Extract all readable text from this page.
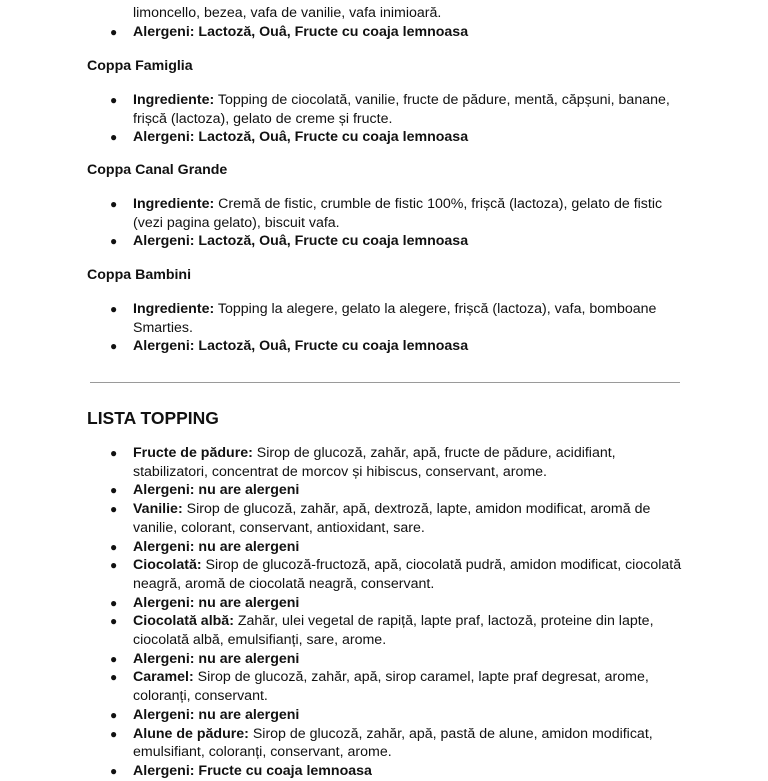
limoncello, bezea, vafa de vanilie, vafa inimioară.
● Alergeni: Lactoză, Ouâ, Fructe cu coaja lemnoasa
Coppa Famiglia
● Ingrediente: Topping de ciocolată, vanilie, fructe de pădure, mentă, căpșuni, banane, frișcă (lactoza), gelato de creme și fructe.
● Alergeni: Lactoză, Ouâ, Fructe cu coaja lemnoasa
Coppa Canal Grande
● Ingrediente: Cremă de fistic, crumble de fistic 100%, frișcă (lactoza), gelato de fistic (vezi pagina gelato), biscuit vafa.
● Alergeni: Lactoză, Ouâ, Fructe cu coaja lemnoasa
Coppa Bambini
● Ingrediente: Topping la alegere, gelato la alegere, frișcă (lactoza), vafa, bomboane Smarties.
● Alergeni: Lactoză, Ouâ, Fructe cu coaja lemnoasa
LISTA TOPPING
● Fructe de pădure: Sirop de glucoză, zahăr, apă, fructe de pădure, acidifiant, stabilizatori, concentrat de morcov și hibiscus, conservant, arome.
● Alergeni: nu are alergeni
● Vanilie: Sirop de glucoză, zahăr, apă, dextroză, lapte, amidon modificat, aromă de vanilie, colorant, conservant, antioxidant, sare.
● Alergeni: nu are alergeni
● Ciocolată: Sirop de glucoză-fructoză, apă, ciocolată pudră, amidon modificat, ciocolată neagră, aromă de ciocolată neagră, conservant.
● Alergeni: nu are alergeni
● Ciocolată albă: Zahăr, ulei vegetal de rapiță, lapte praf, lactoză, proteine din lapte, ciocolată albă, emulsifianți, sare, arome.
● Alergeni: nu are alergeni
● Caramel: Sirop de glucoză, zahăr, apă, sirop caramel, lapte praf degresat, arome, coloranți, conservant.
● Alergeni: nu are alergeni
● Alune de pădure: Sirop de glucoză, zahăr, apă, pastă de alune, amidon modificat, emulsifiant, coloranți, conservant, arome.
● Alergeni: Fructe cu coaja lemnoasa
